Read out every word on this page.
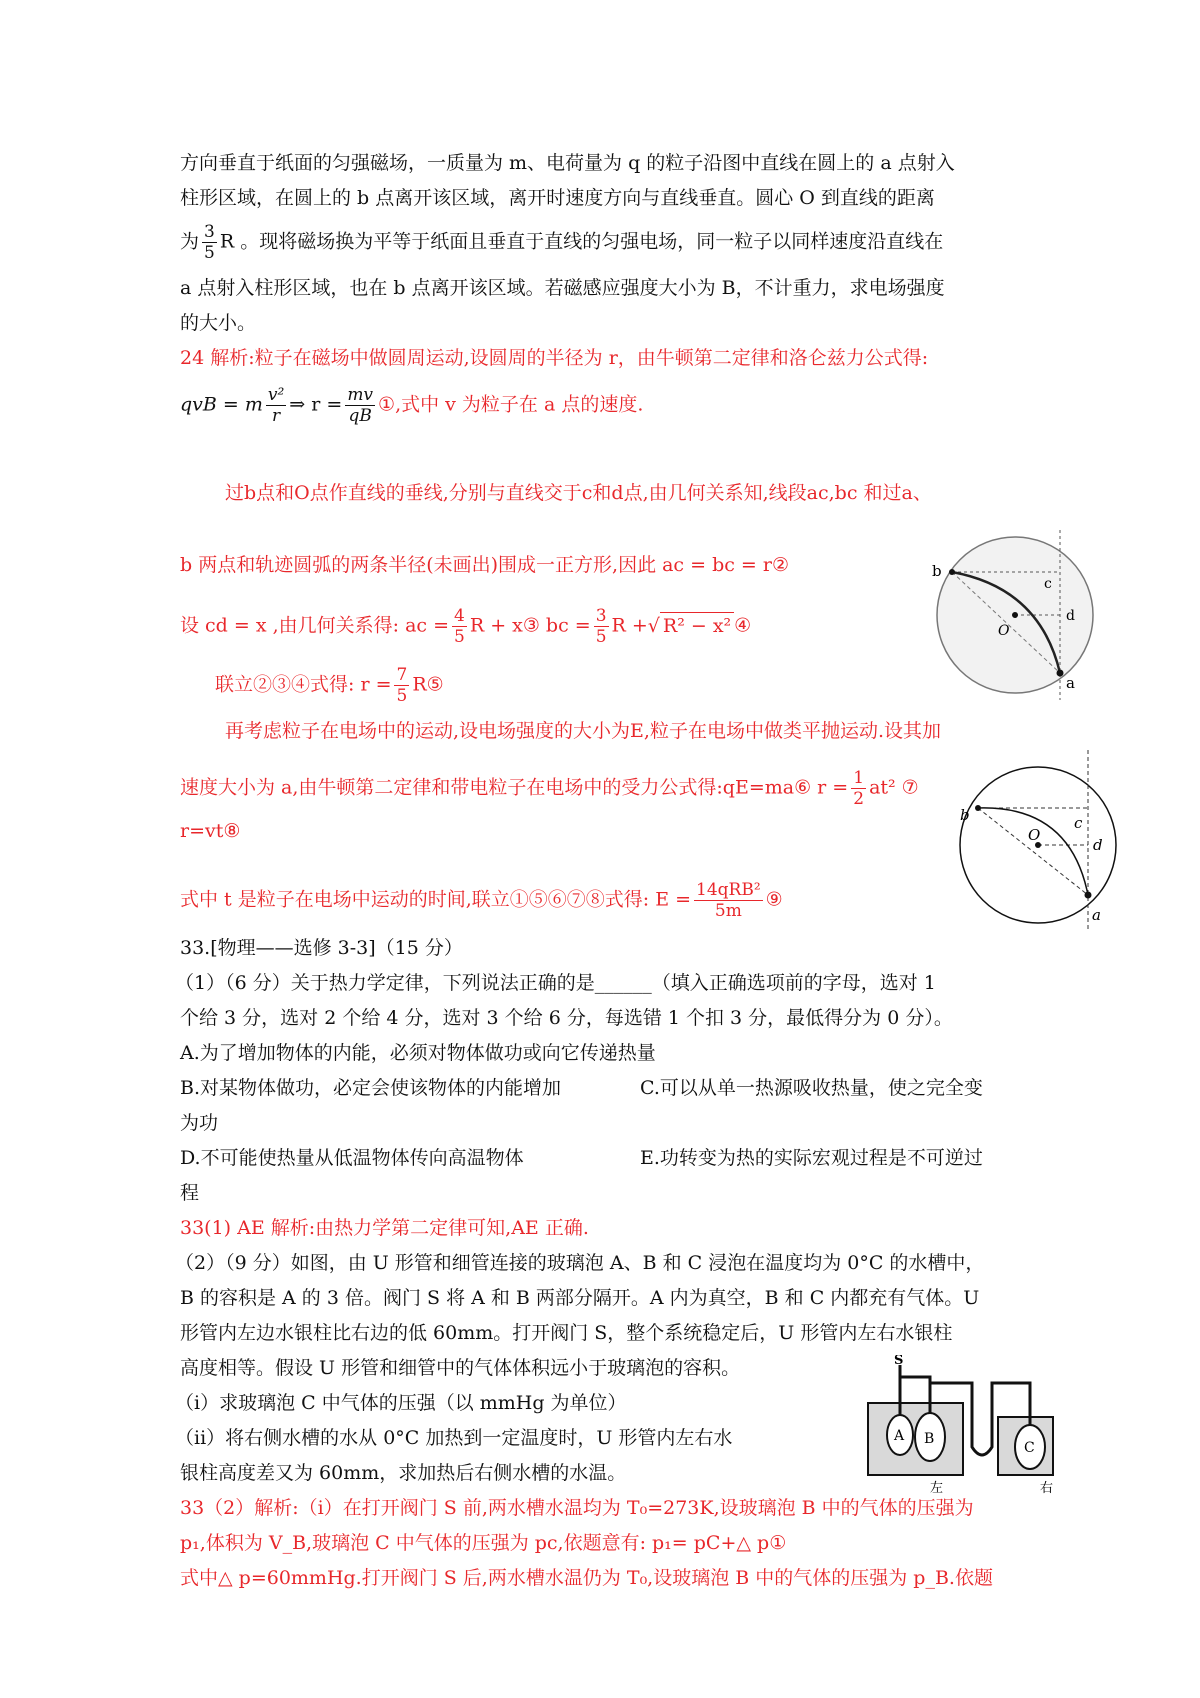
方向垂直于纸面的匀强磁场，一质量为 m、电荷量为 q 的粒子沿图中直线在圆上的 a 点射入
柱形区域，在圆上的 b 点离开该区域，离开时速度方向与直线垂直。圆心 O 到直线的距离
为 $\frac{3}{5}$ R 。现将磁场换为平等于纸面且垂直于直线的匀强电场，同一粒子以同样速度沿直线在
a 点射入柱形区域，也在 b 点离开该区域。若磁感应强度大小为 B，不计重力，求电场强度
的大小。
24 解析:粒子在磁场中做圆周运动,设圆周的半径为 r，由牛顿第二定律和洛仑兹力公式得:
qvB = m $\frac{\text{v²}}{r}$ ⇒ $r = \frac{mv}{qB}$ ①,式中 v 为粒子在 a 点的速度.
过b点和O点作直线的垂线,分别与直线交于c和d点,由几何关系知,线段ac,bc 和过a、
b 两点和轨迹圆弧的两条半径(未画出)围成一正方形,因此 ac = bc = r②
设 cd = x ,由几何关系得: ac = $\frac{4}{5}$ R + x③ bc = $\frac{3}{5}$ R +√ R² − x² ④
联立②③④式得: $r = \frac{7}{5}$ R⑤
再考虑粒子在电场中的运动,设电场强度的大小为E,粒子在电场中做类平抛运动.设其加
速度大小为 a,由牛顿第二定律和带电粒子在电场中的受力公式得:qE=ma⑥ $r = \frac{1}{2} at^2$ ⑦
r=vt⑧
式中 t 是粒子在电场中运动的时间,联立①⑤⑥⑦⑧式得: $E = \frac{\text{14qRB²}}{5m}$ ⑨
b
c
d
O
a
b	c
d
O
a
33.[物理——选修 3-3]（15 分）
（1）（6 分）关于热力学定律，下列说法正确的是______（填入正确选项前的字母，选对 1
个给 3 分，选对 2 个给 4 分，选对 3 个给 6 分，每选错 1 个扣 3 分，最低得分为 0 分）。
A.为了增加物体的内能，必须对物体做功或向它传递热量
B.对某物体做功，必定会使该物体的内能增加	C.可以从单一热源吸收热量，使之完全变
为功
D.不可能使热量从低温物体传向高温物体	E.功转变为热的实际宏观过程是不可逆过
程
33(1) AE 解析:由热力学第二定律可知,AE 正确.
（2）（9 分）如图，由 U 形管和细管连接的玻璃泡 A、B 和 C 浸泡在温度均为 0°C 的水槽中，
B 的容积是 A 的 3 倍。阀门 S 将 A 和 B 两部分隔开。A 内为真空，B 和 C 内都充有气体。U
形管内左边水银柱比右边的低 60mm。打开阀门 S，整个系统稳定后，U 形管内左右水银柱
高度相等。假设 U 形管和细管中的气体体积远小于玻璃泡的容积。
（i）求玻璃泡 C 中气体的压强（以 mmHg 为单位）
（ii）将右侧水槽的水从 0°C 加热到一定温度时，U 形管内左右水
银柱高度差又为 60mm，求加热后右侧水槽的水温。
33（2）解析:（i）在打开阀门 S 前,两水槽水温均为 T₀=273K,设玻璃泡 B 中的气体的压强为
p₁,体积为 V_B,玻璃泡 C 中气体的压强为 pc,依题意有: p₁= pC+△ p①
式中△ p=60mmHg.打开阀门 S 后,两水槽水温仍为 T₀,设玻璃泡 B 中的气体的压强为 p_B.依题
S
A B
C
左	右
